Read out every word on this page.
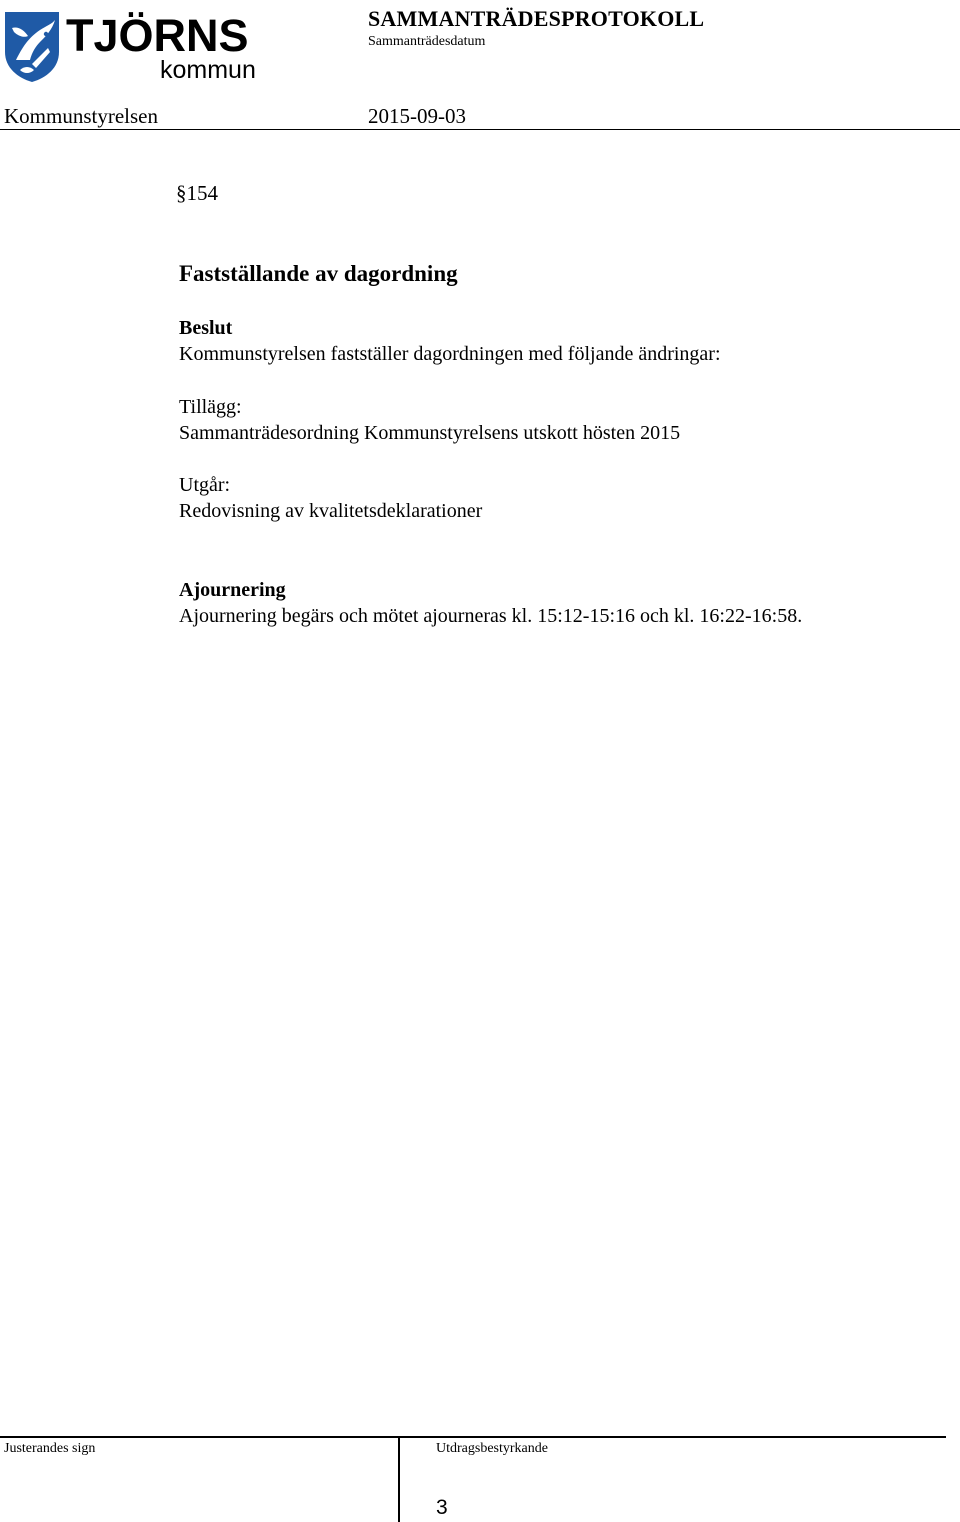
TJÖRNS
kommun
SAMMANTRÄDESPROTOKOLL
Sammanträdesdatum
Kommunstyrelsen	2015-09-03
§154
Fastställande av dagordning
Beslut
Kommunstyrelsen fastställer dagordningen med följande ändringar:
Tillägg:
Sammanträdesordning Kommunstyrelsens utskott hösten 2015
Utgår:
Redovisning av kvalitetsdeklarationer
Ajournering
Ajournering begärs och mötet ajourneras kl. 15:12-15:16 och kl. 16:22-16:58.
Justerandes sign	Utdragsbestyrkande
3
